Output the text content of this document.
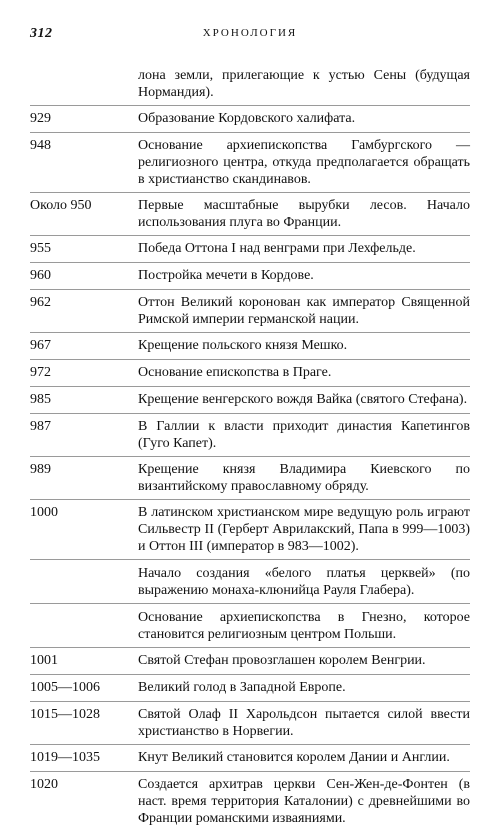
312	ХРОНОЛОГИЯ
лона земли, прилегающие к устью Сены (будущая Нормандия).
929	Образование Кордовского халифата.
948	Основание архиепископства Гамбургского — религиозного центра, откуда предполагается обращать в христианство скандинавов.
Около 950	Первые масштабные вырубки лесов. Начало использования плуга во Франции.
955	Победа Оттона I над венграми при Лехфельде.
960	Постройка мечети в Кордове.
962	Оттон Великий коронован как император Священной Римской империи германской нации.
967	Крещение польского князя Мешко.
972	Основание епископства в Праге.
985	Крещение венгерского вождя Вайка (святого Стефана).
987	В Галлии к власти приходит династия Капетингов (Гуго Капет).
989	Крещение князя Владимира Киевского по византийскому православному обряду.
1000	В латинском христианском мире ведущую роль играют Сильвестр II (Герберт Аврилакский, Папа в 999—1003) и Оттон III (император в 983—1002).
Начало создания «белого платья церквей» (по выражению монаха-клюнийца Рауля Глабера).
Основание архиепископства в Гнезно, которое становится религиозным центром Польши.
1001	Святой Стефан провозглашен королем Венгрии.
1005—1006	Великий голод в Западной Европе.
1015—1028	Святой Олаф II Харольдсон пытается силой ввести христианство в Норвегии.
1019—1035	Кнут Великий становится королем Дании и Англии.
1020	Создается архитрав церкви Сен-Жен-де-Фонтен (в наст. время территория Каталонии) с древнейшими во Франции романскими изваяниями.
